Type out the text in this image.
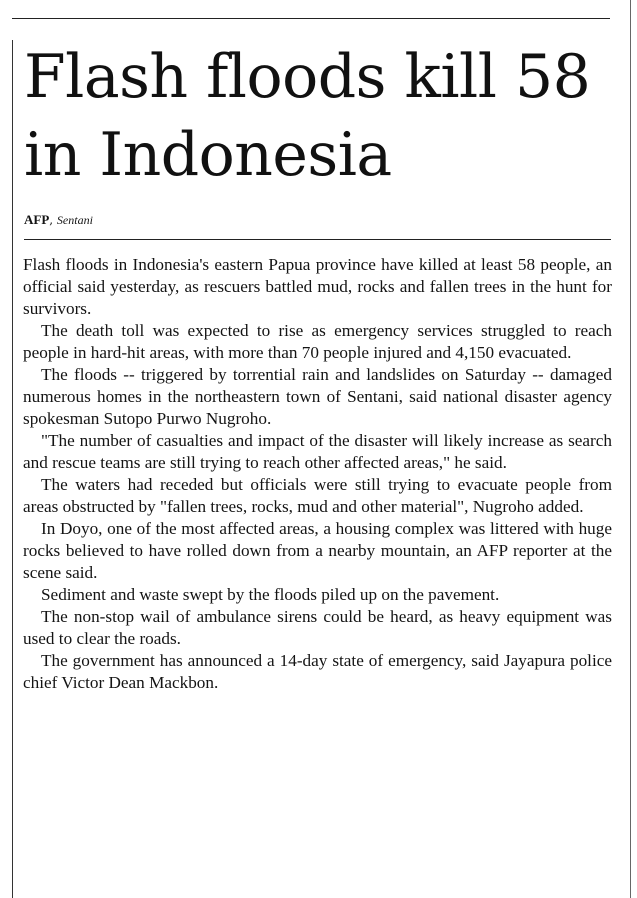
Flash floods kill 58 in Indonesia
AFP, Sentani

Flash floods in Indonesia's eastern Papua province have killed at least 58 people, an official said yesterday, as rescuers battled mud, rocks and fallen trees in the hunt for survivors.

The death toll was expected to rise as emergency services struggled to reach people in hard-hit areas, with more than 70 people injured and 4,150 evacuated.

The floods -- triggered by torrential rain and landslides on Saturday -- damaged numerous homes in the northeastern town of Sentani, said national disaster agency spokesman Sutopo Purwo Nugroho.

"The number of casualties and impact of the disaster will likely increase as search and rescue teams are still trying to reach other affected areas," he said.

The waters had receded but officials were still trying to evacuate people from areas obstructed by "fallen trees, rocks, mud and other material", Nugroho added.

In Doyo, one of the most affected areas, a housing complex was littered with huge rocks believed to have rolled down from a nearby mountain, an AFP reporter at the scene said.

Sediment and waste swept by the floods piled up on the pavement.

The non-stop wail of ambulance sirens could be heard, as heavy equipment was used to clear the roads.

The government has announced a 14-day state of emergency, said Jayapura police chief Victor Dean Mackbon.
